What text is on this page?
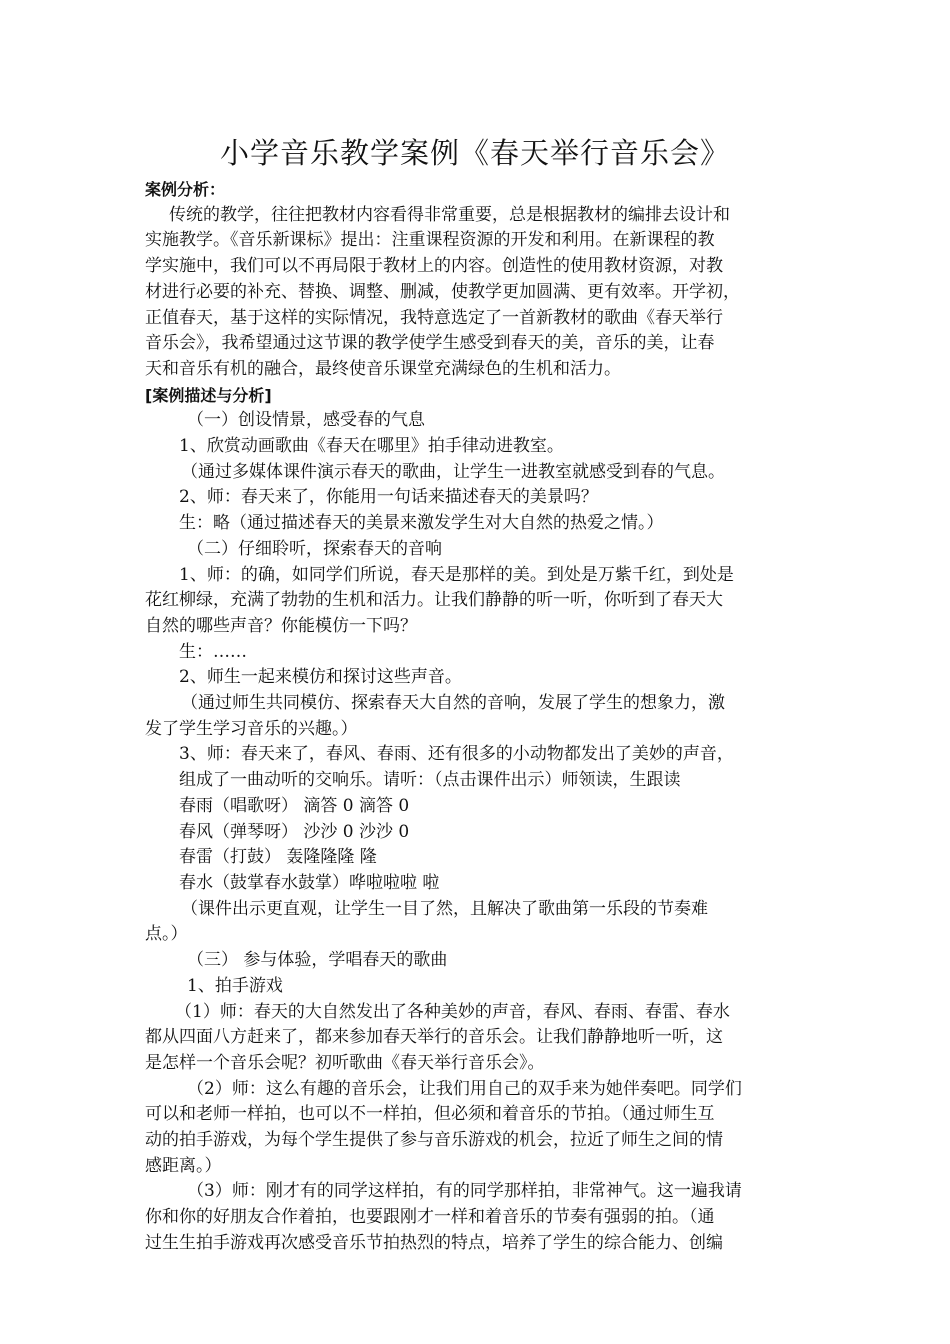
小学音乐教学案例《春天举行音乐会》

案例分析：

传统的教学，往往把教材内容看得非常重要，总是根据教材的编排去设计和

实施教学。《音乐新课标》提出：注重课程资源的开发和利用。在新课程的教

学实施中，我们可以不再局限于教材上的内容。创造性的使用教材资源，对教

材进行必要的补充、替换、调整、删减，使教学更加圆满、更有效率。开学初，

正值春天，基于这样的实际情况，我特意选定了一首新教材的歌曲《春天举行

音乐会》，我希望通过这节课的教学使学生感受到春天的美，音乐的美，让春

天和音乐有机的融合，最终使音乐课堂充满绿色的生机和活力。

[案例描述与分析]

（一）创设情景，感受春的气息

1、欣赏动画歌曲《春天在哪里》拍手律动进教室。

（通过多媒体课件演示春天的歌曲，让学生一进教室就感受到春的气息。

2、师：春天来了，你能用一句话来描述春天的美景吗？

生：略（通过描述春天的美景来激发学生对大自然的热爱之情。）

（二）仔细聆听，探索春天的音响

1、师：的确，如同学们所说，春天是那样的美。到处是万紫千红，到处是

花红柳绿，充满了勃勃的生机和活力。让我们静静的听一听，你听到了春天大

自然的哪些声音？你能模仿一下吗？

生：……

2、师生一起来模仿和探讨这些声音。

（通过师生共同模仿、探索春天大自然的音响，发展了学生的想象力，激

发了学生学习音乐的兴趣。）

3、师：春天来了，春风、春雨、还有很多的小动物都发出了美妙的声音，

组成了一曲动听的交响乐。请听：（点击课件出示）师领读，生跟读

春雨（唱歌呀） 滴答 0 滴答 0

春风（弹琴呀） 沙沙 0 沙沙 0

春雷（打鼓） 轰隆隆隆 隆

春水（鼓掌春水鼓掌）哗啦啦啦 啦

（课件出示更直观，让学生一目了然，且解决了歌曲第一乐段的节奏难

点。）

（三） 参与体验，学唱春天的歌曲

1、拍手游戏

（1）师：春天的大自然发出了各种美妙的声音，春风、春雨、春雷、春水

都从四面八方赶来了，都来参加春天举行的音乐会。让我们静静地听一听，这

是怎样一个音乐会呢？初听歌曲《春天举行音乐会》。

（2）师：这么有趣的音乐会，让我们用自己的双手来为她伴奏吧。同学们

可以和老师一样拍，也可以不一样拍，但必须和着音乐的节拍。（通过师生互

动的拍手游戏，为每个学生提供了参与音乐游戏的机会，拉近了师生之间的情

感距离。）

（3）师：刚才有的同学这样拍，有的同学那样拍，非常神气。这一遍我请

你和你的好朋友合作着拍，也要跟刚才一样和着音乐的节奏有强弱的拍。（通

过生生拍手游戏再次感受音乐节拍热烈的特点，培养了学生的综合能力、创编
